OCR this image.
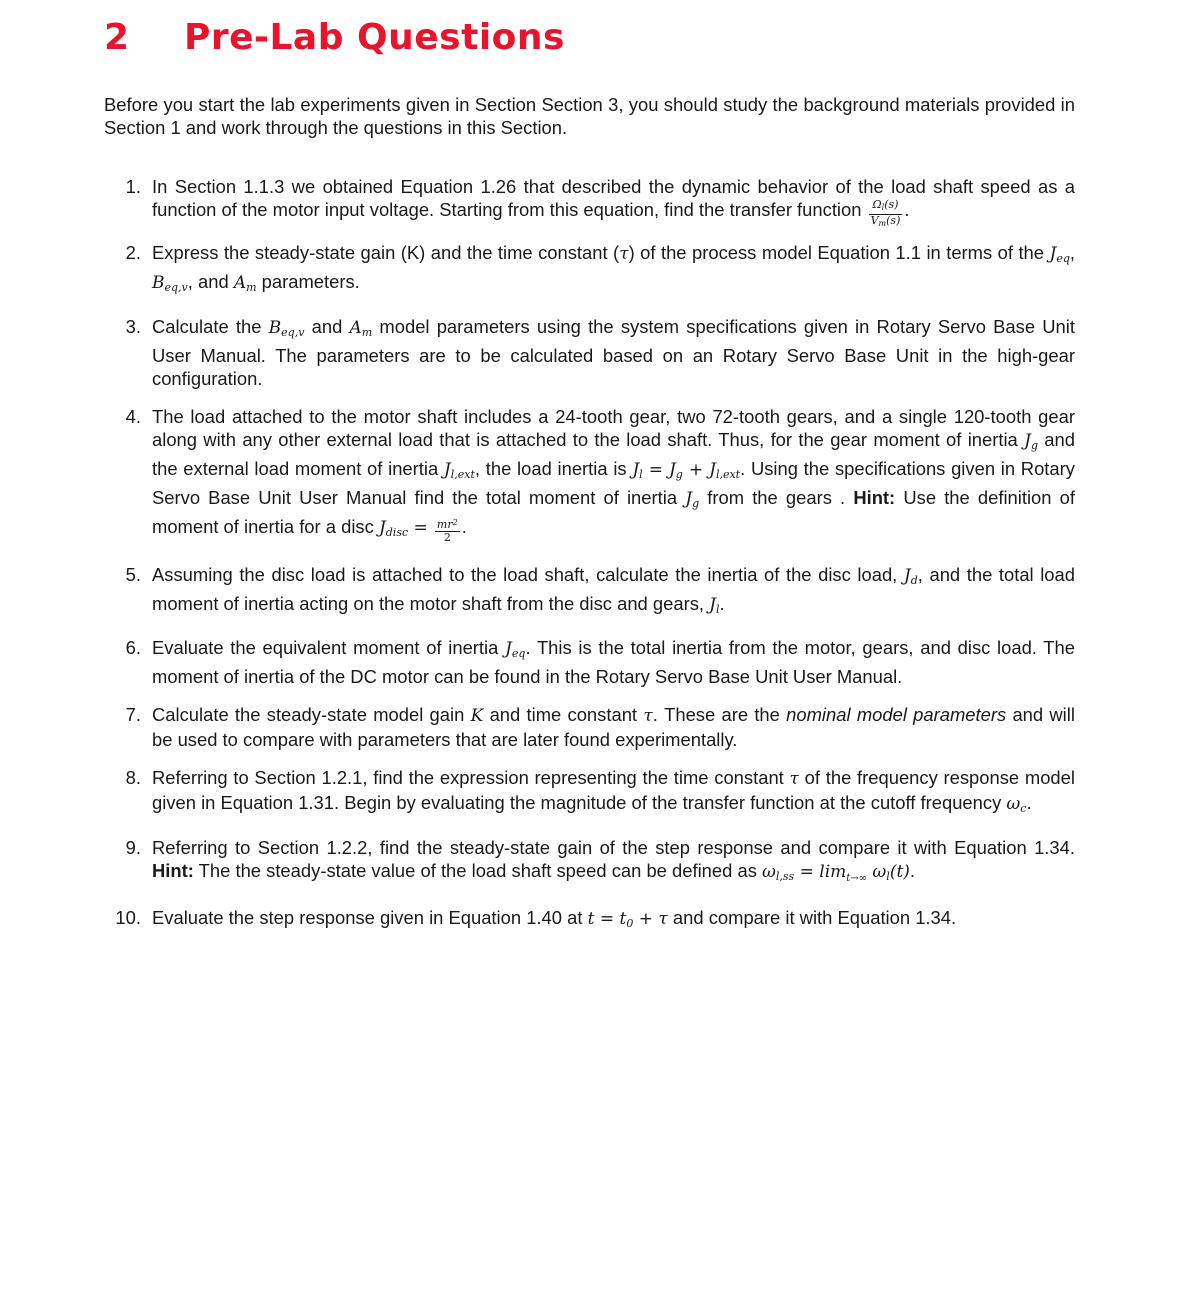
2	Pre-Lab Questions

Before you start the lab experiments given in Section Section 3, you should study the background materials provided in Section 1 and work through the questions in this Section.

1. In Section 1.1.3 we obtained Equation 1.26 that described the dynamic behavior of the load shaft speed as a function of the motor input voltage. Starting from this equation, find the transfer function $\frac{\Omega_l(s)}{V_m(s)}$ .
2. Express the steady-state gain (K) and the time constant (τ) of the process model Equation 1.1 in terms of the $J_{eq}$, $B_{eq,v}$, and $A_m$ parameters.
3. Calculate the $B_{eq,v}$ and $A_m$ model parameters using the system specifications given in Rotary Servo Base Unit User Manual. The parameters are to be calculated based on an Rotary Servo Base Unit in the high-gear configuration.
4. The load attached to the motor shaft includes a 24-tooth gear, two 72-tooth gears, and a single 120-tooth gear along with any other external load that is attached to the load shaft. Thus, for the gear moment of inertia $J_g$ and the external load moment of inertia $J_{l,ext}$, the load inertia is $J_l = J_g + J_{l,ext}$. Using the specifications given in Rotary Servo Base Unit User Manual find the total moment of inertia $J_g$ from the gears . Hint: Use the definition of moment of inertia for a disc $J_{disc} = \frac{mr^2}{2}$ .
5. Assuming the disc load is attached to the load shaft, calculate the inertia of the disc load, $J_d$, and the total load moment of inertia acting on the motor shaft from the disc and gears, $J_l$.
6. Evaluate the equivalent moment of inertia $J_{eq}$. This is the total inertia from the motor, gears, and disc load. The moment of inertia of the DC motor can be found in the Rotary Servo Base Unit User Manual.
7. Calculate the steady-state model gain K and time constant τ. These are the nominal model parameters and will be used to compare with parameters that are later found experimentally.
8. Referring to Section 1.2.1, find the expression representing the time constant τ of the frequency response model given in Equation 1.31. Begin by evaluating the magnitude of the transfer function at the cutoff frequency $\omega_c$.
9. Referring to Section 1.2.2, find the steady-state gain of the step response and compare it with Equation 1.34. Hint: The the steady-state value of the load shaft speed can be defined as $\omega_{l,ss} = \lim_{t\to\infty} \omega_l(t)$.
10. Evaluate the step response given in Equation 1.40 at $t = t_0 + \tau$ and compare it with Equation 1.34.
